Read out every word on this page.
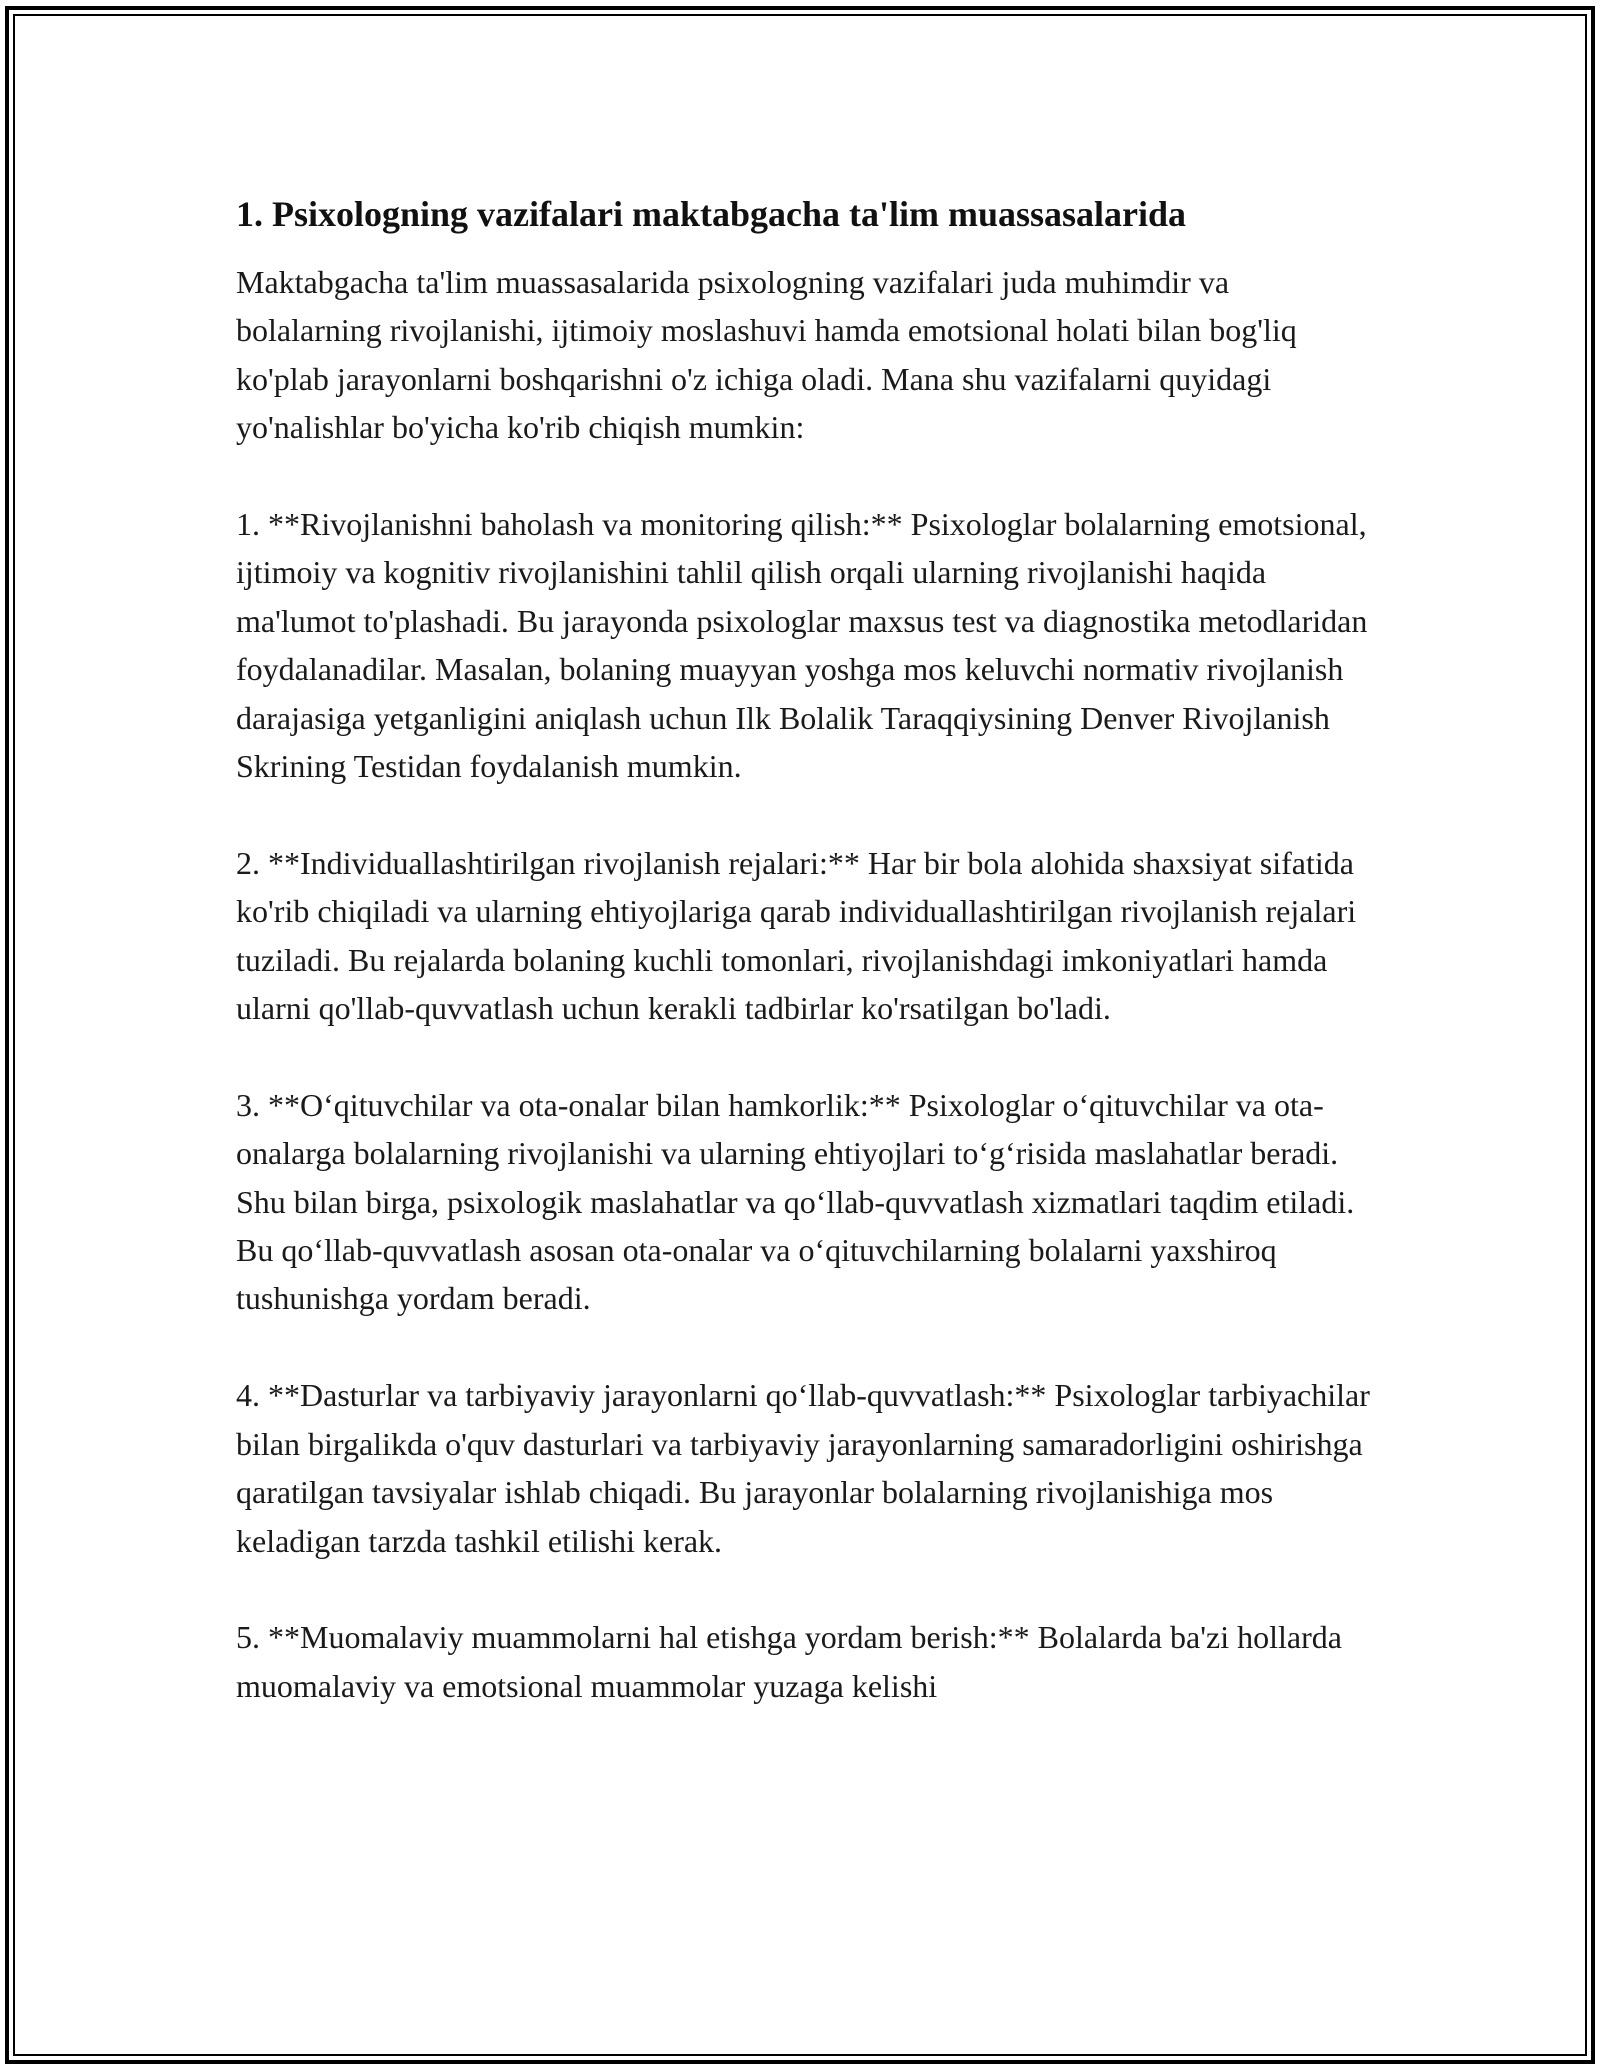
1. Psixologning vazifalari maktabgacha ta'lim muassasalarida

Maktabgacha ta'lim muassasalarida psixologning vazifalari juda muhimdir va bolalarning rivojlanishi, ijtimoiy moslashuvi hamda emotsional holati bilan bog'liq ko'plab jarayonlarni boshqarishni o'z ichiga oladi. Mana shu vazifalarni quyidagi yo'nalishlar bo'yicha ko'rib chiqish mumkin:

1. **Rivojlanishni baholash va monitoring qilish:** Psixologlar bolalarning emotsional, ijtimoiy va kognitiv rivojlanishini tahlil qilish orqali ularning rivojlanishi haqida ma'lumot to'plashadi. Bu jarayonda psixologlar maxsus test va diagnostika metodlaridan foydalanadilar. Masalan, bolaning muayyan yoshga mos keluvchi normativ rivojlanish darajasiga yetganligini aniqlash uchun Ilk Bolalik Taraqqiysining Denver Rivojlanish Skrining Testidan foydalanish mumkin.

2. **Individuallashtirilgan rivojlanish rejalari:** Har bir bola alohida shaxsiyat sifatida ko'rib chiqiladi va ularning ehtiyojlariga qarab individuallashtirilgan rivojlanish rejalari tuziladi. Bu rejalarda bolaning kuchli tomonlari, rivojlanishdagi imkoniyatlari hamda ularni qo'llab-quvvatlash uchun kerakli tadbirlar ko'rsatilgan bo'ladi.

3. **O‘qituvchilar va ota-onalar bilan hamkorlik:** Psixologlar o‘qituvchilar va ota-onalarga bolalarning rivojlanishi va ularning ehtiyojlari to‘g‘risida maslahatlar beradi. Shu bilan birga, psixologik maslahatlar va qo‘llab-quvvatlash xizmatlari taqdim etiladi. Bu qo‘llab-quvvatlash asosan ota-onalar va o‘qituvchilarning bolalarni yaxshiroq tushunishga yordam beradi.

4. **Dasturlar va tarbiyaviy jarayonlarni qo‘llab-quvvatlash:** Psixologlar tarbiyachilar bilan birgalikda o'quv dasturlari va tarbiyaviy jarayonlarning samaradorligini oshirishga qaratilgan tavsiyalar ishlab chiqadi. Bu jarayonlar bolalarning rivojlanishiga mos keladigan tarzda tashkil etilishi kerak.

5. **Muomalaviy muammolarni hal etishga yordam berish:** Bolalarda ba'zi hollarda muomalaviy va emotsional muammolar yuzaga kelishi
